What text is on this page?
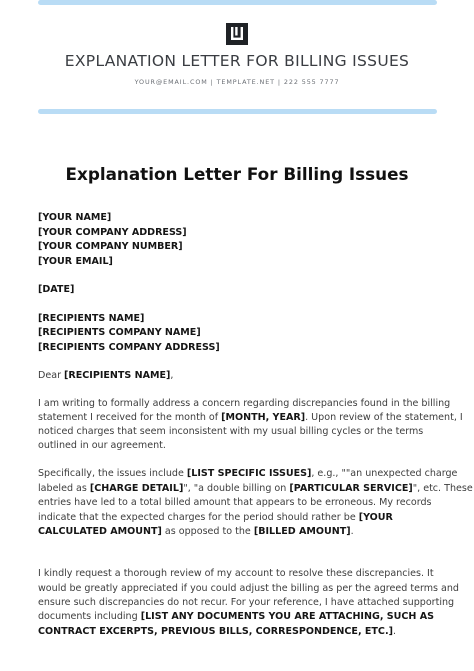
EXPLANATION LETTER FOR BILLING ISSUES
YOUR@EMAIL.COM | TEMPLATE.NET | 222 555 7777
Explanation Letter For Billing Issues
[YOUR NAME]
[YOUR COMPANY ADDRESS]
[YOUR COMPANY NUMBER]
[YOUR EMAIL]
[DATE]
[RECIPIENTS NAME]
[RECIPIENTS COMPANY NAME]
[RECIPIENTS COMPANY ADDRESS]
Dear [RECIPIENTS NAME],
I am writing to formally address a concern regarding discrepancies found in the billing
statement I received for the month of [MONTH, YEAR]. Upon review of the statement, I
noticed charges that seem inconsistent with my usual billing cycles or the terms
outlined in our agreement.
Specifically, the issues include [LIST SPECIFIC ISSUES], e.g., ""an unexpected charge
labeled as [CHARGE DETAIL]", "a double billing on [PARTICULAR SERVICE]", etc. These
entries have led to a total billed amount that appears to be erroneous. My records
indicate that the expected charges for the period should rather be [YOUR
CALCULATED AMOUNT] as opposed to the [BILLED AMOUNT].
I kindly request a thorough review of my account to resolve these discrepancies. It
would be greatly appreciated if you could adjust the billing as per the agreed terms and
ensure such discrepancies do not recur. For your reference, I have attached supporting
documents including [LIST ANY DOCUMENTS YOU ARE ATTACHING, SUCH AS
CONTRACT EXCERPTS, PREVIOUS BILLS, CORRESPONDENCE, ETC.].
